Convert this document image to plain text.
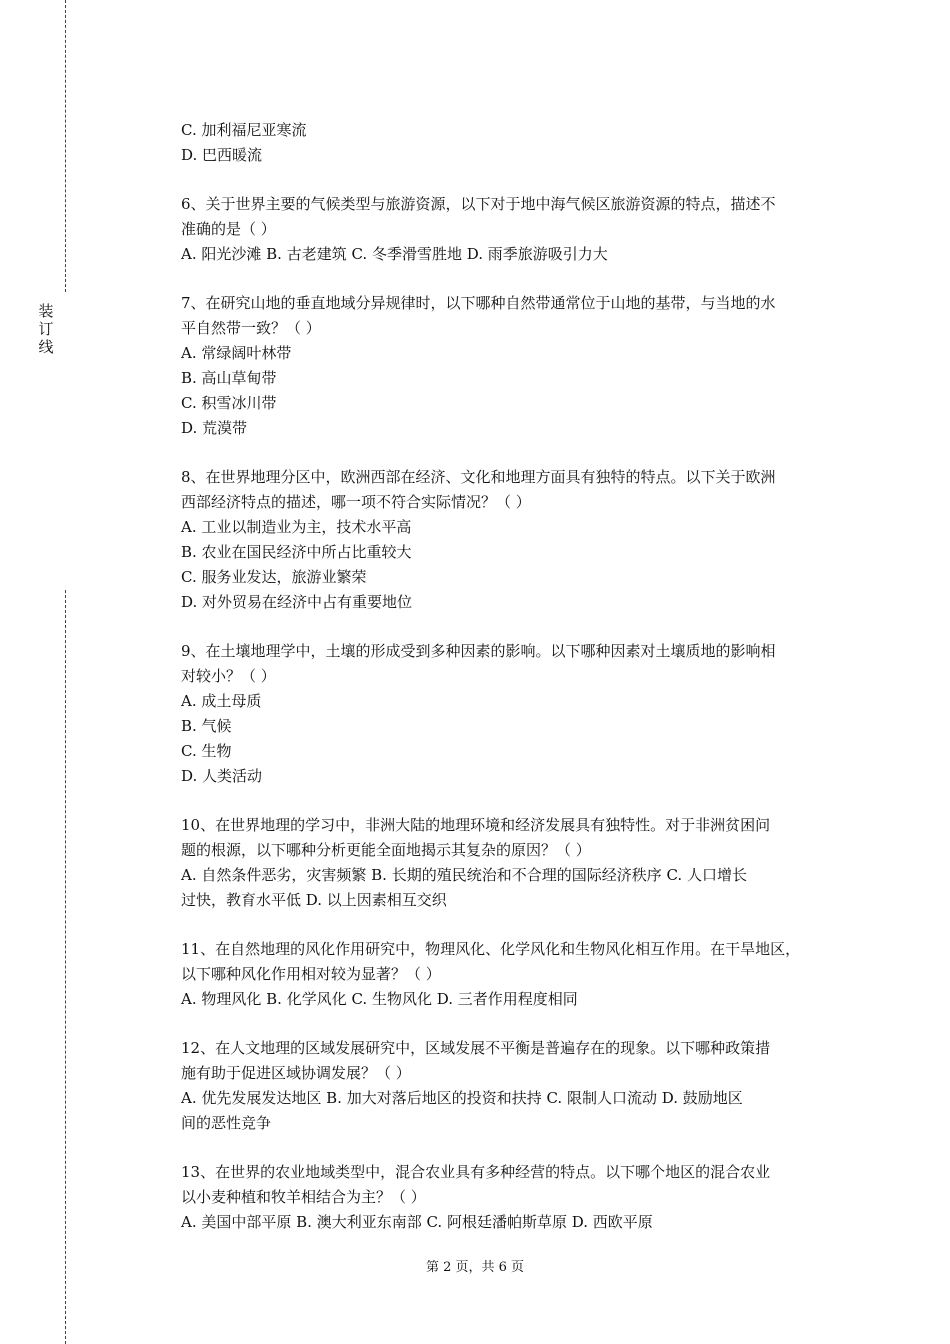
装
订
线
C. 加利福尼亚寒流
D. 巴西暖流
6、关于世界主要的气候类型与旅游资源，以下对于地中海气候区旅游资源的特点，描述不
准确的是（ ）
A. 阳光沙滩 B. 古老建筑 C. 冬季滑雪胜地 D. 雨季旅游吸引力大
7、在研究山地的垂直地域分异规律时，以下哪种自然带通常位于山地的基带，与当地的水
平自然带一致？（ ）
A. 常绿阔叶林带
B. 高山草甸带
C. 积雪冰川带
D. 荒漠带
8、在世界地理分区中，欧洲西部在经济、文化和地理方面具有独特的特点。以下关于欧洲
西部经济特点的描述，哪一项不符合实际情况？（ ）
A. 工业以制造业为主，技术水平高
B. 农业在国民经济中所占比重较大
C. 服务业发达，旅游业繁荣
D. 对外贸易在经济中占有重要地位
9、在土壤地理学中，土壤的形成受到多种因素的影响。以下哪种因素对土壤质地的影响相
对较小？（ ）
A. 成土母质
B. 气候
C. 生物
D. 人类活动
10、在世界地理的学习中，非洲大陆的地理环境和经济发展具有独特性。对于非洲贫困问
题的根源，以下哪种分析更能全面地揭示其复杂的原因？（ ）
A. 自然条件恶劣，灾害频繁 B. 长期的殖民统治和不合理的国际经济秩序 C. 人口增长
过快，教育水平低 D. 以上因素相互交织
11、在自然地理的风化作用研究中，物理风化、化学风化和生物风化相互作用。在干旱地区，
以下哪种风化作用相对较为显著？（ ）
A. 物理风化 B. 化学风化 C. 生物风化 D. 三者作用程度相同
12、在人文地理的区域发展研究中，区域发展不平衡是普遍存在的现象。以下哪种政策措
施有助于促进区域协调发展？（ ）
A. 优先发展发达地区 B. 加大对落后地区的投资和扶持 C. 限制人口流动 D. 鼓励地区
间的恶性竞争
13、在世界的农业地域类型中，混合农业具有多种经营的特点。以下哪个地区的混合农业
以小麦种植和牧羊相结合为主？（ ）
A. 美国中部平原 B. 澳大利亚东南部 C. 阿根廷潘帕斯草原 D. 西欧平原
第 2 页，共 6 页
